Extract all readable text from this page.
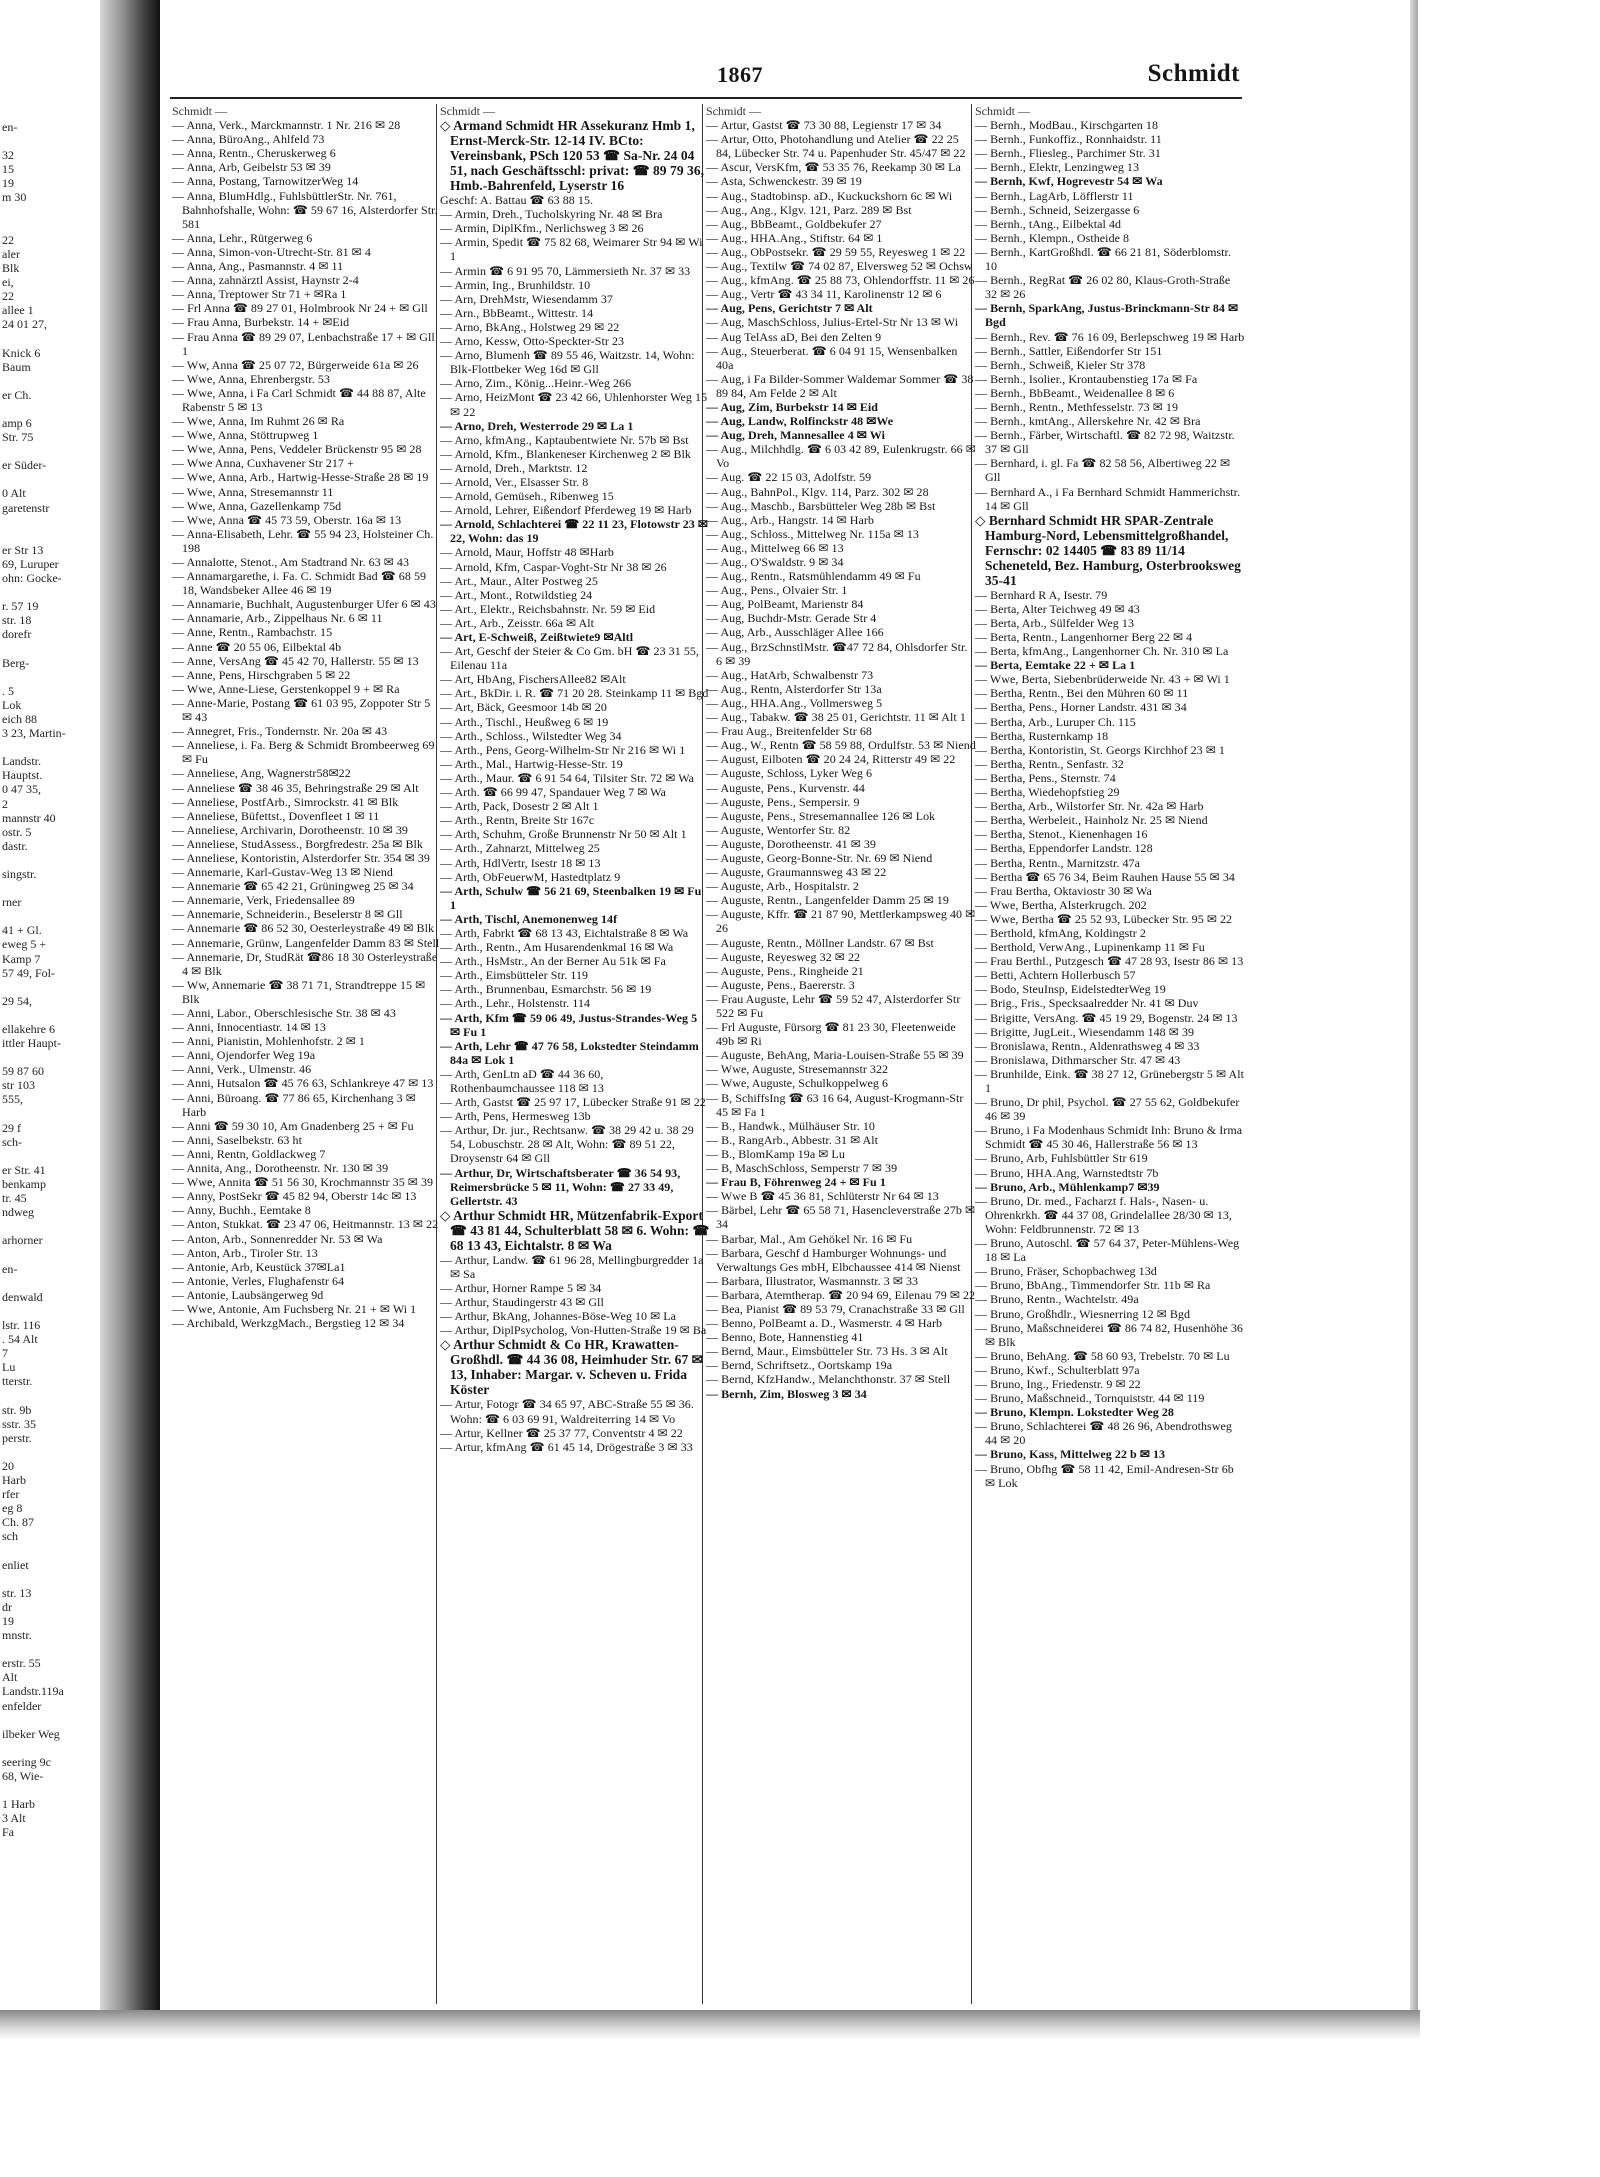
en-

32
15
19
m 30

22
aler
Blk
ei,
22
allee 1
24 01 27,

Knick 6
Baum

er Ch.

amp 6
Str. 75

er Süder-

0 Alt
garetenstr

er Str 13
69, Luruper
ohn: Gocke-

r. 57 19
str. 18
dorefr

Berg-

. 5
Lok
eich 88
3 23, Martin-

Landstr.
Hauptst.
0 47 35,
2
mannstr 40
ostr. 5
dastr.

singstr.

rner

41 + Gl.
eweg 5 +
Kamp 7
57 49, Fol-

29 54,

ellakehre 6
ittler Haupt-

59 87 60
str 103
555,

29 f
sch-

er Str. 41
benkamp
tr. 45
ndweg

arhorner

en-

denwald

lstr. 116
. 54 Alt
7
Lu
tterstr.

str. 9b
sstr. 35
perstr.

20
Harb
rfer
eg 8
Ch. 87
sch

enliet

str. 13
dr
19
mnstr.

erstr. 55
Alt
Landstr.119a
enfelder

ilbeker Weg

seering 9c
68, Wie-

1 Harb
3 Alt
Fa
1867	Schmidt
Schmidt —
— Anna, Verk., Marckmannstr. 1 Nr. 216 ✉ 28
— Anna, BüroAng., Ahlfeld 73
— Anna, Rentn., Cheruskerweg 6
— Anna, Arb, Geibelstr 53 ✉ 39
— Anna, Postang, TarnowitzerWeg 14
— Anna, BlumHdlg., FuhlsbüttlerStr. Nr. 761, Bahnhofshalle, Wohn: ☎ 59 67 16, Alsterdorfer Str. 581
— Anna, Lehr., Rütgerweg 6
— Anna, Simon-von-Utrecht-Str. 81 ✉ 4
— Anna, Ang., Pasmannstr. 4 ✉ 11
— Anna, zahnärztl Assist, Haynstr 2-4
— Anna, Treptower Str 71 + ✉Ra 1
— Frl Anna ☎ 89 27 01, Holmbrook Nr 24 + ✉ Gll
— Frau Anna, Burbekstr. 14 + ✉Eid
— Frau Anna ☎ 89 29 07, Lenbachstraße 17 + ✉ Gll 1
— Ww, Anna ☎ 25 07 72, Bürgerweide 61a ✉ 26
— Wwe, Anna, Ehrenbergstr. 53
— Wwe, Anna, i Fa Carl Schmidt ☎ 44 88 87, Alte Rabenstr 5 ✉ 13
— Wwe, Anna, Im Ruhmt 26 ✉ Ra
— Wwe, Anna, Stöttrupweg 1
— Wwe, Anna, Pens, Veddeler Brückenstr 95 ✉ 28
— Wwe Anna, Cuxhavener Str 217 +
— Wwe, Anna, Arb., Hartwig-Hesse-Straße 28 ✉ 19
— Wwe, Anna, Stresemannstr 11
— Wwe, Anna, Gazellenkamp 75d
— Wwe, Anna ☎ 45 73 59, Oberstr. 16a ✉ 13
— Anna-Elisabeth, Lehr. ☎ 55 94 23, Holsteiner Ch. 198
— Annalotte, Stenot., Am Stadtrand Nr. 63 ✉ 43
— Annamargarethe, i. Fa. C. Schmidt Bad ☎ 68 59 18, Wandsbeker Allee 46 ✉ 19
— Annamarie, Buchhalt, Augustenburger Ufer 6 ✉ 43
— Annamarie, Arb., Zippelhaus Nr. 6 ✉ 11
— Anne, Rentn., Rambachstr. 15
— Anne ☎ 20 55 06, Eilbektal 4b
— Anne, VersAng ☎ 45 42 70, Hallerstr. 55 ✉ 13
— Anne, Pens, Hirschgraben 5 ✉ 22
— Wwe, Anne-Liese, Gerstenkoppel 9 + ✉ Ra
— Anne-Marie, Postang ☎ 61 03 95, Zoppoter Str 5 ✉ 43
— Annegret, Fris., Tondernstr. Nr. 20a ✉ 43
— Anneliese, i. Fa. Berg & Schmidt Brombeerweg 69 ✉ Fu
— Anneliese, Ang, Wagnerstr58✉22
— Anneliese ☎ 38 46 35, Behringstraße 29 ✉ Alt
— Anneliese, PostfArb., Simrockstr. 41 ✉ Blk
— Anneliese, Büfettst., Dovenfleet 1 ✉ 11
— Anneliese, Archivarin, Dorotheenstr. 10 ✉ 39
— Anneliese, StudAssess., Borgfredestr. 25a ✉ Blk
— Anneliese, Kontoristin, Alsterdorfer Str. 354 ✉ 39
— Annemarie, Karl-Gustav-Weg 13 ✉ Niend
— Annemarie ☎ 65 42 21, Grüningweg 25 ✉ 34
— Annemarie, Verk, Friedensallee 89
— Annemarie, Schneiderin., Beselerstr 8 ✉ Gll
— Annemarie ☎ 86 52 30, Oesterleystraße 49 ✉ Blk
— Annemarie, Grünw, Langenfelder Damm 83 ✉ Stell
— Annemarie, Dr, StudRät ☎86 18 30 Osterleystraße 4 ✉ Blk
— Ww, Annemarie ☎ 38 71 71, Strandtreppe 15 ✉ Blk
— Anni, Labor., Oberschlesische Str. 38 ✉ 43
— Anni, Innocentiastr. 14 ✉ 13
— Anni, Pianistin, Mohlenhofstr. 2 ✉ 1
— Anni, Ojendorfer Weg 19a
— Anni, Verk., Ulmenstr. 46
— Anni, Hutsalon ☎ 45 76 63, Schlankreye 47 ✉ 13
— Anni, Büroang. ☎ 77 86 65, Kirchenhang 3 ✉ Harb
— Anni ☎ 59 30 10, Am Gnadenberg 25 + ✉ Fu
— Anni, Saselbekstr. 63 ht
— Anni, Rentn, Goldlackweg 7
— Annita, Ang., Dorotheenstr. Nr. 130 ✉ 39
— Wwe, Annita ☎ 51 56 30, Krochmannstr 35 ✉ 39
— Anny, PostSekr ☎ 45 82 94, Oberstr 14c ✉ 13
— Anny, Buchh., Eemtake 8
— Anton, Stukkat. ☎ 23 47 06, Heitmannstr. 13 ✉ 22
— Anton, Arb., Sonnenredder Nr. 53 ✉ Wa
— Anton, Arb., Tiroler Str. 13
— Antonie, Arb, Keustück 37✉La1
— Antonie, Verles, Flughafenstr 64
— Antonie, Laubsängerweg 9d
— Wwe, Antonie, Am Fuchsberg Nr. 21 + ✉ Wi 1
— Archibald, WerkzgMach., Bergstieg 12 ✉ 34
Schmidt —
◇ Armand Schmidt HR Assekuranz Hmb 1, Ernst-Merck-Str. 12-14 IV. BCto: Vereinsbank, PSch 120 53 ☎ Sa-Nr. 24 04 51, nach Geschäftsschl: privat: ☎ 89 79 36, Hmb.-Bahrenfeld, Lyserstr 16
Geschf: A. Battau ☎ 63 88 15.
— Armin, Dreh., Tucholskyring Nr. 48 ✉ Bra
— Armin, DiplKfm., Nerlichsweg 3 ✉ 26
— Armin, Spedit ☎ 75 82 68, Weimarer Str 94 ✉ Wi 1
— Armin ☎ 6 91 95 70, Lämmersieth Nr. 37 ✉ 33
— Armin, Ing., Brunhildstr. 10
— Arn, DrehMstr, Wiesendamm 37
— Arn., BbBeamt., Wittestr. 14
— Arno, BkAng., Holstweg 29 ✉ 22
— Arno, Kessw, Otto-Speckter-Str 23
— Arno, Blumenh ☎ 89 55 46, Waitzstr. 14, Wohn: Blk-Flottbeker Weg 16d ✉ Gll
— Arno, Zim., König...Heinr.-Weg 266
— Arno, HeizMont ☎ 23 42 66, Uhlenhorster Weg 15 ✉ 22
— Arno, Dreh, Westerrode 29 ✉ La 1
— Arno, kfmAng., Kaptaubentwiete Nr. 57b ✉ Bst
— Arnold, Kfm., Blankeneser Kirchenweg 2 ✉ Blk
— Arnold, Dreh., Marktstr. 12
— Arnold, Ver., Elsasser Str. 8
— Arnold, Gemüseh., Ribenweg 15
— Arnold, Lehrer, Eißendorf Pferdeweg 19 ✉ Harb
— Arnold, Schlachterei ☎ 22 11 23, Flotowstr 23 ✉ 22, Wohn: das 19
— Arnold, Maur, Hoffstr 48 ✉Harb
— Arnold, Kfm, Caspar-Voght-Str Nr 38 ✉ 26
— Art., Maur., Alter Postweg 25
— Art., Mont., Rotwildstieg 24
— Art., Elektr., Reichsbahnstr. Nr. 59 ✉ Eid
— Art., Arb., Zeisstr. 66a ✉ Alt
— Art, E-Schweiß, Zeißtwiete9 ✉Altl
— Art, Geschf der Steier & Co Gm. bH ☎ 23 31 55, Eilenau 11a
— Art, HbAng, FischersAllee82 ✉Alt
— Art., BkDir. i. R. ☎ 71 20 28. Steinkamp 11 ✉ Bgd
— Art, Bäck, Geesmoor 14b ✉ 20
— Arth., Tischl., Heußweg 6 ✉ 19
— Arth., Schloss., Wilstedter Weg 34
— Arth., Pens, Georg-Wilhelm-Str Nr 216 ✉ Wi 1
— Arth., Mal., Hartwig-Hesse-Str. 19
— Arth., Maur. ☎ 6 91 54 64, Tilsiter Str. 72 ✉ Wa
— Arth. ☎ 66 99 47, Spandauer Weg 7 ✉ Wa
— Arth, Pack, Dosestr 2 ✉ Alt 1
— Arth., Rentn, Breite Str 167c
— Arth, Schuhm, Große Brunnenstr Nr 50 ✉ Alt 1
— Arth., Zahnarzt, Mittelweg 25
— Arth, HdlVertr, Isestr 18 ✉ 13
— Arth, ObFeuerwM, Hastedtplatz 9
— Arth, Schulw ☎ 56 21 69, Steenbalken 19 ✉ Fu 1
— Arth, Tischl, Anemonenweg 14f
— Arth, Fabrkt ☎ 68 13 43, Eichtalstraße 8 ✉ Wa
— Arth., Rentn., Am Husarendenkmal 16 ✉ Wa
— Arth., HsMstr., An der Berner Au 51k ✉ Fa
— Arth., Eimsbütteler Str. 119
— Arth., Brunnenbau, Esmarchstr. 56 ✉ 19
— Arth., Lehr., Holstenstr. 114
— Arth, Kfm ☎ 59 06 49, Justus-Strandes-Weg 5 ✉ Fu 1
— Arth, Lehr ☎ 47 76 58, Lokstedter Steindamm 84a ✉ Lok 1
— Arth, GenLtn aD ☎ 44 36 60, Rothenbaumchaussee 118 ✉ 13
— Arth, Gastst ☎ 25 97 17, Lübecker Straße 91 ✉ 22
— Arth, Pens, Hermesweg 13b
— Arthur, Dr. jur., Rechtsanw. ☎ 38 29 42 u. 38 29 54, Lobuschstr. 28 ✉ Alt, Wohn: ☎ 89 51 22, Droysenstr 64 ✉ Gll
— Arthur, Dr, Wirtschaftsberater ☎ 36 54 93, Reimersbrücke 5 ✉ 11, Wohn: ☎ 27 33 49, Gellertstr. 43
◇ Arthur Schmidt HR, Mützenfabrik-Export ☎ 43 81 44, Schulterblatt 58 ✉ 6. Wohn: ☎ 68 13 43, Eichtalstr. 8 ✉ Wa
— Arthur, Landw. ☎ 61 96 28, Mellingburgredder 1a ✉ Sa
— Arthur, Horner Rampe 5 ✉ 34
— Arthur, Staudingerstr 43 ✉ Gll
— Arthur, BkAng, Johannes-Böse-Weg 10 ✉ La
— Arthur, DiplPsycholog, Von-Hutten-Straße 19 ✉ Ba
◇ Arthur Schmidt & Co HR, Krawatten-Großhdl. ☎ 44 36 08, Heimhuder Str. 67 ✉ 13, Inhaber: Margar. v. Scheven u. Frida Köster
— Artur, Fotogr ☎ 34 65 97, ABC-Straße 55 ✉ 36. Wohn: ☎ 6 03 69 91, Waldreiterring 14 ✉ Vo
— Artur, Kellner ☎ 25 37 77, Conventstr 4 ✉ 22
— Artur, kfmAng ☎ 61 45 14, Drögestraße 3 ✉ 33
Schmidt —
— Artur, Gastst ☎ 73 30 88, Legienstr 17 ✉ 34
— Artur, Otto, Photohandlung und Atelier ☎ 22 25 84, Lübecker Str. 74 u. Papenhuder Str. 45/47 ✉ 22
— Ascur, VersKfm, ☎ 53 35 76, Reekamp 30 ✉ La
— Asta, Schwenckestr. 39 ✉ 19
— Aug., Stadtobinsp. aD., Kuckuckshorn 6c ✉ Wi
— Aug., Ang., Klgv. 121, Parz. 289 ✉ Bst
— Aug., BbBeamt., Goldbekufer 27
— Aug., HHA.Ang., Stiftstr. 64 ✉ 1
— Aug., ObPostsekr. ☎ 29 59 55, Reyesweg 1 ✉ 22
— Aug., Textilw ☎ 74 02 87, Elversweg 52 ✉ Ochsw
— Aug., kfmAng. ☎ 25 88 73, Ohlendorffstr. 11 ✉ 26
— Aug., Vertr ☎ 43 34 11, Karolinenstr 12 ✉ 6
— Aug, Pens, Gerichtstr 7 ✉ Alt
— Aug, MaschSchloss, Julius-Ertel-Str Nr 13 ✉ Wi
— Aug TelAss aD, Bei den Zelten 9
— Aug., Steuerberat. ☎ 6 04 91 15, Wensenbalken 40a
— Aug, i Fa Bilder-Sommer Waldemar Sommer ☎ 38 89 84, Am Felde 2 ✉ Alt
— Aug, Zim, Burbekstr 14 ✉ Eid
— Aug, Landw, Rolfinckstr 48 ✉We
— Aug, Dreh, Mannesallee 4 ✉ Wi
— Aug., Milchhdlg. ☎ 6 03 42 89, Eulenkrugstr. 66 ✉ Vo
— Aug. ☎ 22 15 03, Adolfstr. 59
— Aug., BahnPol., Klgv. 114, Parz. 302 ✉ 28
— Aug., Maschb., Barsbütteler Weg 28b ✉ Bst
— Aug., Arb., Hangstr. 14 ✉ Harb
— Aug., Schloss., Mittelweg Nr. 115a ✉ 13
— Aug., Mittelweg 66 ✉ 13
— Aug., O'Swaldstr. 9 ✉ 34
— Aug., Rentn., Ratsmühlendamm 49 ✉ Fu
— Aug., Pens., Olvaier Str. 1
— Aug, PolBeamt, Marienstr 84
— Aug, Buchdr-Mstr. Gerade Str 4
— Aug, Arb., Ausschläger Allee 166
— Aug., BrzSchnstlMstr. ☎47 72 84, Ohlsdorfer Str. 6 ✉ 39
— Aug., HatArb, Schwalbenstr 73
— Aug., Rentn, Alsterdorfer Str 13a
— Aug., HHA.Ang., Vollmersweg 5
— Aug., Tabakw. ☎ 38 25 01, Gerichtstr. 11 ✉ Alt 1
— Frau Aug., Breitenfelder Str 68
— Aug., W., Rentn ☎ 58 59 88, Ordulfstr. 53 ✉ Niend
— August, Eilboten ☎ 20 24 24, Ritterstr 49 ✉ 22
— Auguste, Schloss, Lyker Weg 6
— Auguste, Pens., Kurvenstr. 44
— Auguste, Pens., Sempersir. 9
— Auguste, Pens., Stresemannallee 126 ✉ Lok
— Auguste, Wentorfer Str. 82
— Auguste, Dorotheenstr. 41 ✉ 39
— Auguste, Georg-Bonne-Str. Nr. 69 ✉ Niend
— Auguste, Graumannsweg 43 ✉ 22
— Auguste, Arb., Hospitalstr. 2
— Auguste, Rentn., Langenfelder Damm 25 ✉ 19
— Auguste, Kffr. ☎ 21 87 90, Mettlerkampsweg 40 ✉ 26
— Auguste, Rentn., Möllner Landstr. 67 ✉ Bst
— Auguste, Reyesweg 32 ✉ 22
— Auguste, Pens., Ringheide 21
— Auguste, Pens., Baererstr. 3
— Frau Auguste, Lehr ☎ 59 52 47, Alsterdorfer Str 522 ✉ Fu
— Frl Auguste, Fürsorg ☎ 81 23 30, Fleetenweide 49b ✉ Ri
— Auguste, BehAng, Maria-Louisen-Straße 55 ✉ 39
— Wwe, Auguste, Stresemannstr 322
— Wwe, Auguste, Schulkoppelweg 6
— B, SchiffsIng ☎ 63 16 64, August-Krogmann-Str 45 ✉ Fa 1
— B., Handwk., Mülhäuser Str. 10
— B., RangArb., Abbestr. 31 ✉ Alt
— B., BlomKamp 19a ✉ Lu
— B, MaschSchloss, Semperstr 7 ✉ 39
— Frau B, Föhrenweg 24 + ✉ Fu 1
— Wwe B ☎ 45 36 81, Schlüterstr Nr 64 ✉ 13
— Bärbel, Lehr ☎ 65 58 71, Hasencleverstraße 27b ✉ 34
— Barbar, Mal., Am Gehökel Nr. 16 ✉ Fu
— Barbara, Geschf d Hamburger Wohnungs- und Verwaltungs Ges mbH, Elbchaussee 414 ✉ Nienst
— Barbara, Illustrator, Wasmannstr. 3 ✉ 33
— Barbara, Atemtherap. ☎ 20 94 69, Eilenau 79 ✉ 22
— Bea, Pianist ☎ 89 53 79, Cranachstraße 33 ✉ Gll
— Benno, PolBeamt a. D., Wasmerstr. 4 ✉ Harb
— Benno, Bote, Hannenstieg 41
— Bernd, Maur., Eimsbütteler Str. 73 Hs. 3 ✉ Alt
— Bernd, Schriftsetz., Oortskamp 19a
— Bernd, KfzHandw., Melanchthonstr. 37 ✉ Stell
— Bernh, Zim, Blosweg 3 ✉ 34
Schmidt —
— Bernh., ModBau., Kirschgarten 18
— Bernh., Funkoffiz., Ronnhaidstr. 11
— Bernh., Fliesleg., Parchimer Str. 31
— Bernh., Elektr, Lenzingweg 13
— Bernh, Kwf, Hogrevestr 54 ✉ Wa
— Bernh., LagArb, Löfflerstr 11
— Bernh., Schneid, Seizergasse 6
— Bernh., tAng., Eilbektal 4d
— Bernh., Klempn., Ostheide 8
— Bernh., KartGroßhdl. ☎ 66 21 81, Söderblomstr. 10
— Bernh., RegRat ☎ 26 02 80, Klaus-Groth-Straße 32 ✉ 26
— Bernh, SparkAng, Justus-Brinckmann-Str 84 ✉ Bgd
— Bernh., Rev. ☎ 76 16 09, Berlepschweg 19 ✉ Harb
— Bernh., Sattler, Eißendorfer Str 151
— Bernh., Schweiß, Kieler Str 378
— Bernh., Isolier., Krontaubenstieg 17a ✉ Fa
— Bernh., BbBeamt., Weidenallee 8 ✉ 6
— Bernh., Rentn., Methfesselstr. 73 ✉ 19
— Bernh., kmtAng., Allerskehre Nr. 42 ✉ Bra
— Bernh., Färber, Wirtschaftl. ☎ 82 72 98, Waitzstr. 37 ✉ Gll
— Bernhard, i. gl. Fa ☎ 82 58 56, Albertiweg 22 ✉Gll
— Bernhard A., i Fa Bernhard Schmidt Hammerichstr. 14 ✉ Gll
◇ Bernhard Schmidt HR SPAR-Zentrale Hamburg-Nord, Lebensmittelgroßhandel, Fernschr: 02 14405 ☎ 83 89 11/14 Scheneteld, Bez. Hamburg, Osterbrooksweg 35-41
— Bernhard R A, Isestr. 79
— Berta, Alter Teichweg 49 ✉ 43
— Berta, Arb., Sülfelder Weg 13
— Berta, Rentn., Langenhorner Berg 22 ✉ 4
— Berta, kfmAng., Langenhorner Ch. Nr. 310 ✉ La
— Berta, Eemtake 22 + ✉ La 1
— Wwe, Berta, Siebenbrüderweide Nr. 43 + ✉ Wi 1
— Bertha, Rentn., Bei den Mühren 60 ✉ 11
— Bertha, Pens., Horner Landstr. 431 ✉ 34
— Bertha, Arb., Luruper Ch. 115
— Bertha, Rusternkamp 18
— Bertha, Kontoristin, St. Georgs Kirchhof 23 ✉ 1
— Bertha, Rentn., Senfastr. 32
— Bertha, Pens., Sternstr. 74
— Bertha, Wiedehopfstieg 29
— Bertha, Arb., Wilstorfer Str. Nr. 42a ✉ Harb
— Bertha, Werbeleit., Hainholz Nr. 25 ✉ Niend
— Bertha, Stenot., Kienenhagen 16
— Bertha, Eppendorfer Landstr. 128
— Bertha, Rentn., Marnitzstr. 47a
— Bertha ☎ 65 76 34, Beim Rauhen Hause 55 ✉ 34
— Frau Bertha, Oktaviostr 30 ✉ Wa
— Wwe, Bertha, Alsterkrugch. 202
— Wwe, Bertha ☎ 25 52 93, Lübecker Str. 95 ✉ 22
— Berthold, kfmAng, Koldingstr 2
— Berthold, VerwAng., Lupinenkamp 11 ✉ Fu
— Frau Berthl., Putzgesch ☎ 47 28 93, Isestr 86 ✉ 13
— Betti, Achtern Hollerbusch 57
— Bodo, SteuInsp, EidelstedterWeg 19
— Brig., Fris., Specksaalredder Nr. 41 ✉ Duv
— Brigitte, VersAng. ☎ 45 19 29, Bogenstr. 24 ✉ 13
— Brigitte, JugLeit., Wiesendamm 148 ✉ 39
— Bronislawa, Rentn., Aldenrathsweg 4 ✉ 33
— Bronislawa, Dithmarscher Str. 47 ✉ 43
— Brunhilde, Eink. ☎ 38 27 12, Grünebergstr 5 ✉ Alt 1
— Bruno, Dr phil, Psychol. ☎ 27 55 62, Goldbekufer 46 ✉ 39
— Bruno, i Fa Modenhaus Schmidt Inh: Bruno & Irma Schmidt ☎ 45 30 46, Hallerstraße 56 ✉ 13
— Bruno, Arb, Fuhlsbüttler Str 619
— Bruno, HHA.Ang, Warnstedtstr 7b
— Bruno, Arb., Mühlenkamp7 ✉39
— Bruno, Dr. med., Facharzt f. Hals-, Nasen- u. Ohrenkrkh. ☎ 44 37 08, Grindelallee 28/30 ✉ 13, Wohn: Feldbrunnenstr. 72 ✉ 13
— Bruno, Autoschl. ☎ 57 64 37, Peter-Mühlens-Weg 18 ✉ La
— Bruno, Fräser, Schopbachweg 13d
— Bruno, BbAng., Timmendorfer Str. 11b ✉ Ra
— Bruno, Rentn., Wachtelstr. 49a
— Bruno, Großhdlr., Wiesnerring 12 ✉ Bgd
— Bruno, Maßschneiderei ☎ 86 74 82, Husenhöhe 36 ✉ Blk
— Bruno, BehAng. ☎ 58 60 93, Trebelstr. 70 ✉ Lu
— Bruno, Kwf., Schulterblatt 97a
— Bruno, Ing., Friedenstr. 9 ✉ 22
— Bruno, Maßschneid., Tornquiststr. 44 ✉ 119
— Bruno, Klempn. Lokstedter Weg 28
— Bruno, Schlachterei ☎ 48 26 96, Abendrothsweg 44 ✉ 20
— Bruno, Kass, Mittelweg 22 b ✉ 13
— Bruno, Obfhg ☎ 58 11 42, Emil-Andresen-Str 6b ✉ Lok
